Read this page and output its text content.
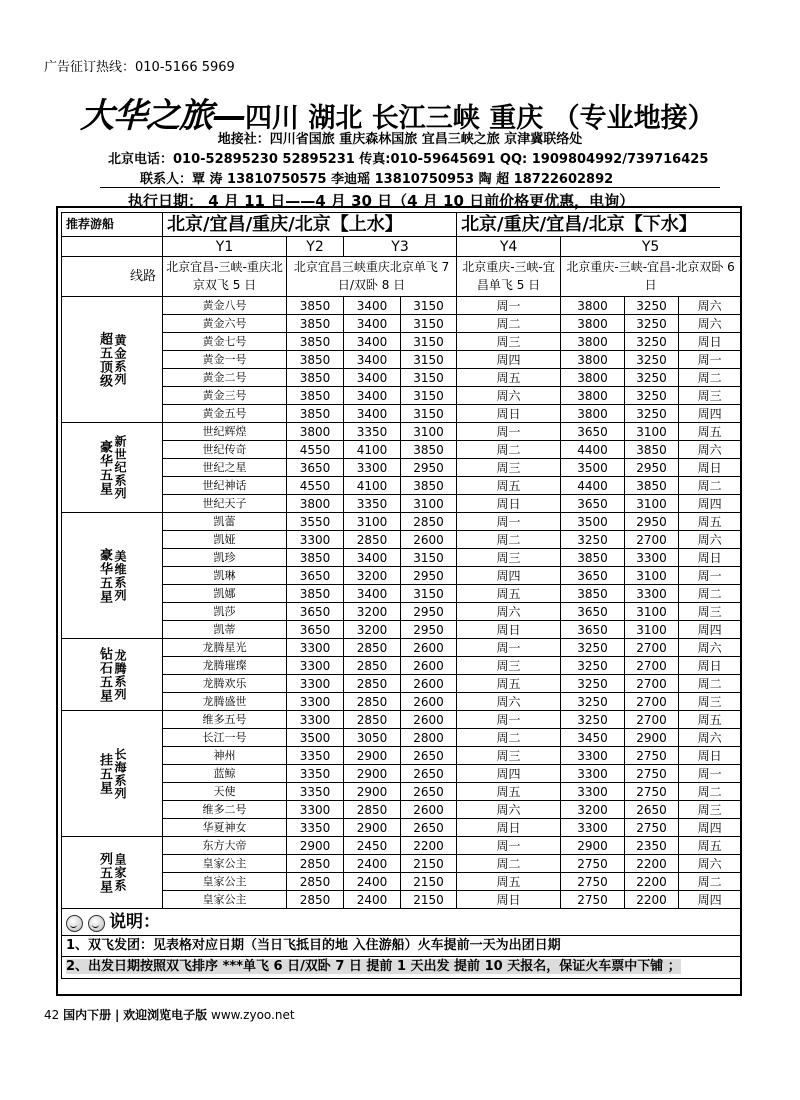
广告征订热线：010-5166 5969
大华之旅—四川 湖北 长江三峡 重庆 （专业地接）
地接社：四川省国旅 重庆森林国旅 宜昌三峡之旅 京津冀联络处
北京电话：010-52895230 52895231 传真:010-59645691 QQ: 1909804992/739716425
联系人：覃 涛 13810750575 李迪瑶 13810750953 陶 超 18722602892
执行日期： 4 月 11 日——4 月 30 日（4 月 10 日前价格更优惠，电询）
推荐游船	北京/宜昌/重庆/北京【上水】				北京/重庆/宜昌/北京【下水】				
	Y1	Y2	Y3		Y4	Y5			
线路	北京宜昌-三峡-重庆北京双飞 5 日	北京宜昌三峡重庆北京单飞 7 日/双卧 8 日			北京重庆-三峡-宜昌单飞 5 日	北京重庆-三峡-宜昌-北京双卧 6 日			

超五顶级 黄金系列	黄金八号	3850	3400	3150	周一	3800	3250	周六	
	黄金六号	3850	3400	3150	周二	3800	3250	周六	
	黄金七号	3850	3400	3150	周三	3800	3250	周日	
	黄金一号	3850	3400	3150	周四	3800	3250	周一	
	黄金二号	3850	3400	3150	周五	3800	3250	周二	
	黄金三号	3850	3400	3150	周六	3800	3250	周三	
	黄金五号	3850	3400	3150	周日	3800	3250	周四	

豪华五星 新世纪系列	世纪辉煌	3800	3350	3100	周一	3650	3100	周五	
	世纪传奇	4550	4100	3850	周二	4400	3850	周六	
	世纪之星	3650	3300	2950	周三	3500	2950	周日	
	世纪神话	4550	4100	3850	周五	4400	3850	周二	
	世纪天子	3800	3350	3100	周日	3650	3100	周四	

豪华五星 美维系列	凯蕾	3550	3100	2850	周一	3500	2950	周五	
	凯娅	3300	2850	2600	周二	3250	2700	周六	
	凯珍	3850	3400	3150	周三	3850	3300	周日	
	凯琳	3650	3200	2950	周四	3650	3100	周一	
	凯娜	3850	3400	3150	周五	3850	3300	周二	
	凯莎	3650	3200	2950	周六	3650	3100	周三	
	凯蒂	3650	3200	2950	周日	3650	3100	周四	

钻石五星 龙腾系列	龙腾星光	3300	2850	2600	周一	3250	2700	周六	
	龙腾璀璨	3300	2850	2600	周三	3250	2700	周日	
	龙腾欢乐	3300	2850	2600	周五	3250	2700	周二	
	龙腾盛世	3300	2850	2600	周六	3250	2700	周三	

挂五星 长海系列	维多五号	3300	2850	2600	周一	3250	2700	周五	
	长江一号	3500	3050	2800	周二	3450	2900	周六	
	神州	3350	2900	2650	周三	3300	2750	周日	
	蓝鲸	3350	2900	2650	周四	3300	2750	周一	
	天使	3350	2900	2650	周五	3300	2750	周二	
	维多二号	3300	2850	2600	周六	3200	2650	周三	
	华夏神女	3350	2900	2650	周日	3300	2750	周四	

列五星 皇家系	东方大帝	2900	2450	2200	周一	2900	2350	周五	
	皇家公主	2850	2400	2150	周二	2750	2200	周六	
	皇家公主	2850	2400	2150	周五	2750	2200	周二	
	皇家公主	2850	2400	2150	周日	2750	2200	周四	
说明：									
1、双飞发团：见表格对应日期（当日飞抵目的地 入住游船）火车提前一天为出团日期									
2、出发日期按照双飞排序 ***单飞 6 日/双卧 7 日 提前 1 天出发 提前 10 天报名，保证火车票中下铺 ；									
42 国内下册 | 欢迎浏览电子版 www.zyoo.net
